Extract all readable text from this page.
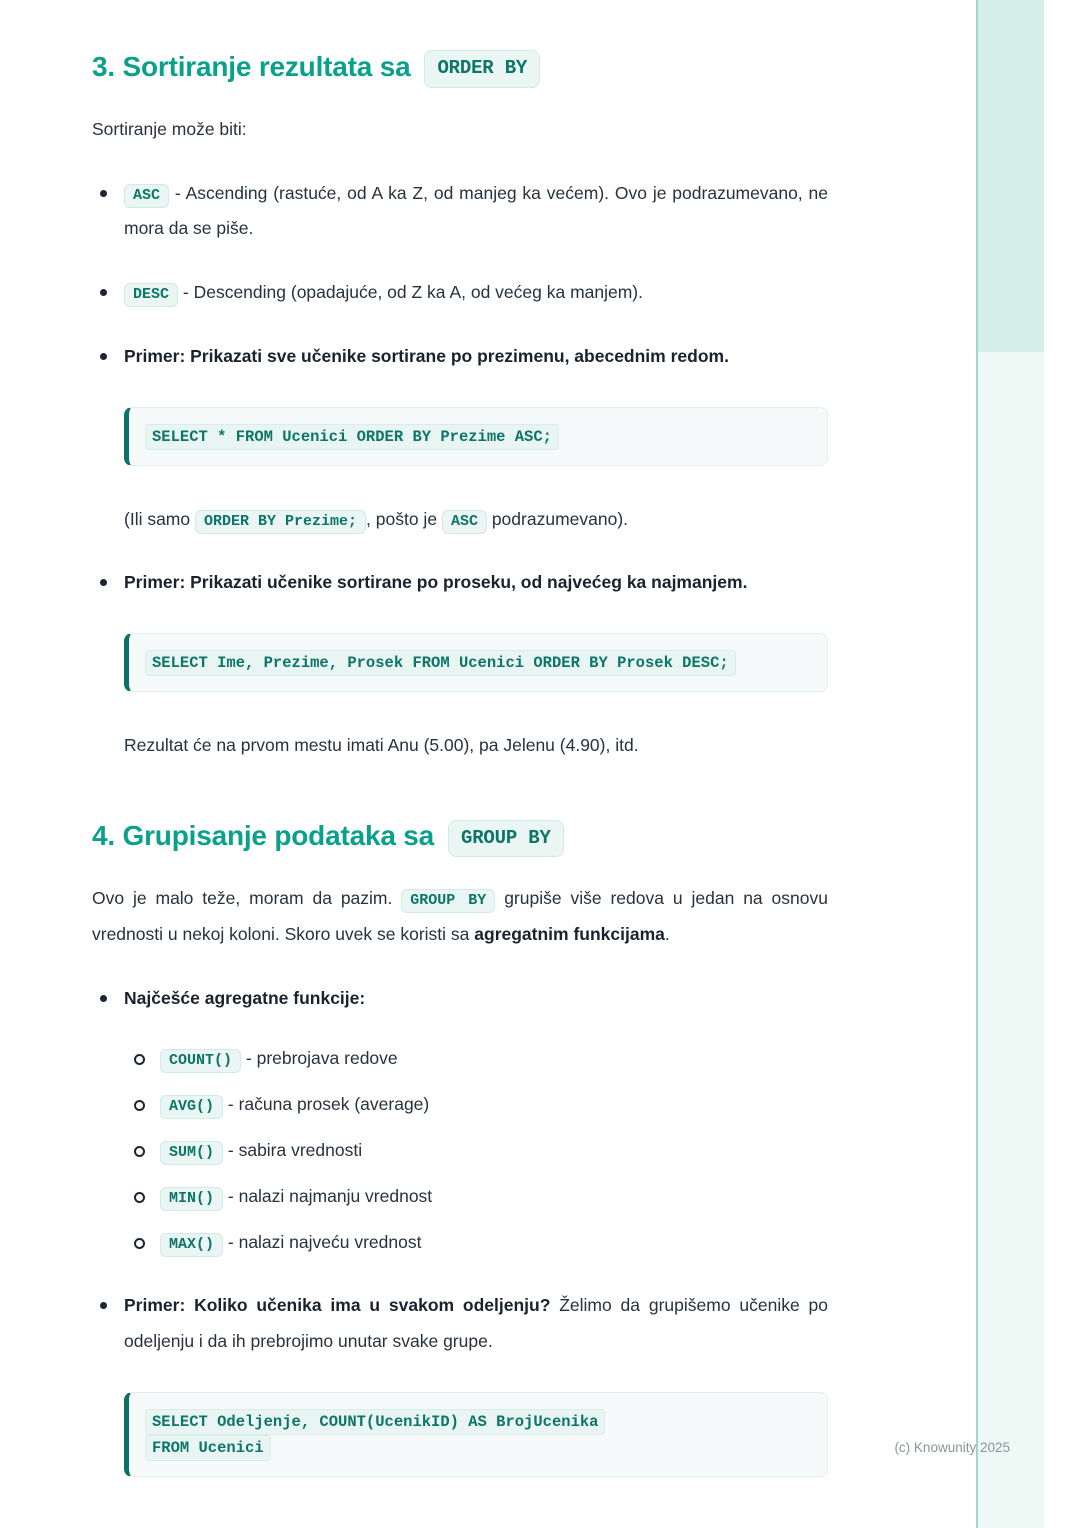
(c) Knowunity 2025
3. Sortiranje rezultata sa	ORDER BY

Sortiranje može biti:

ASC - Ascending (rastuće, od A ka Z, od manjeg ka većem). Ovo je podrazumevano, ne mora da se piše.
DESC - Descending (opadajuće, od Z ka A, od većeg ka manjem).
Primer: Prikazati sve učenike sortirane po prezimenu, abecednim redom.
SELECT * FROM Ucenici ORDER BY Prezime ASC;
(Ili samo ORDER BY Prezime; , pošto je ASC podrazumevano).
Primer: Prikazati učenike sortirane po proseku, od najvećeg ka najmanjem.
SELECT Ime, Prezime, Prosek FROM Ucenici ORDER BY Prosek DESC;
Rezultat će na prvom mestu imati Anu (5.00), pa Jelenu (4.90), itd.
4. Grupisanje podataka sa	GROUP BY

Ovo je malo teže, moram da pazim. GROUP BY grupiše više redova u jedan na osnovu vrednosti u nekoj koloni. Skoro uvek se koristi sa agregatnim funkcijama.

Najčešće agregatne funkcije:
COUNT() - prebrojava redove
AVG() - računa prosek (average)
SUM() - sabira vrednosti
MIN() - nalazi najmanju vrednost
MAX() - nalazi najveću vrednost
Primer: Koliko učenika ima u svakom odeljenju? Želimo da grupišemo učenike po odeljenju i da ih prebrojimo unutar svake grupe.
SELECT Odeljenje, COUNT(UcenikID) AS BrojUcenika
FROM Ucenici
